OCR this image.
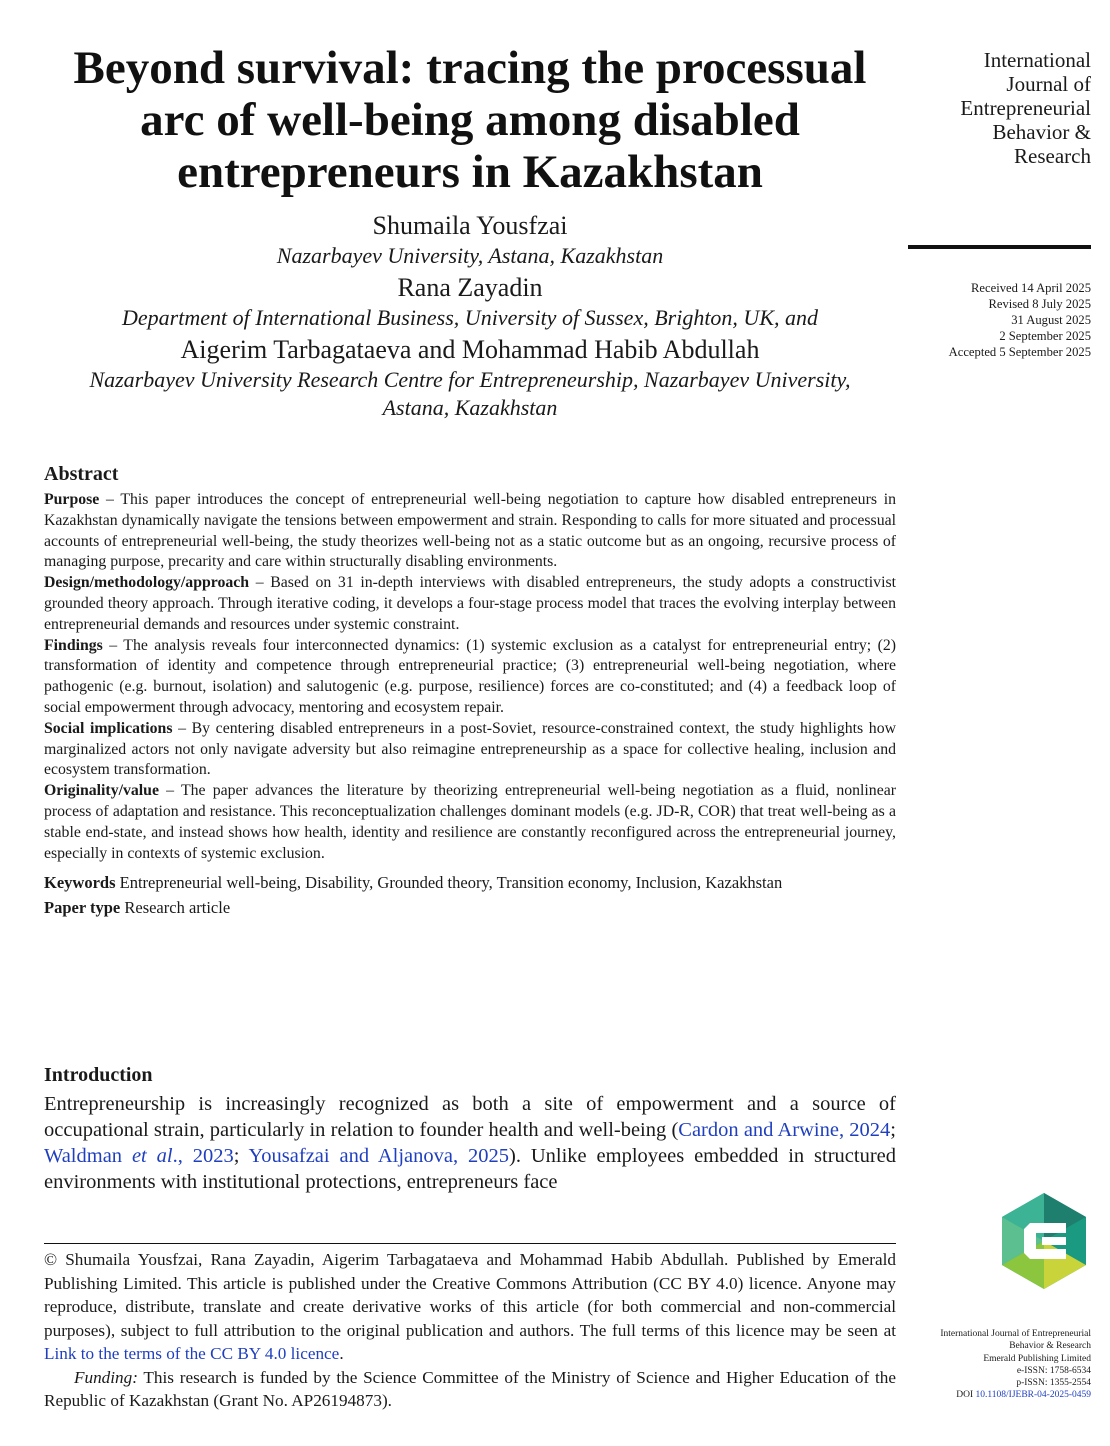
Beyond survival: tracing the processual arc of well-being among disabled entrepreneurs in Kazakhstan
Shumaila Yousfzai
Nazarbayev University, Astana, Kazakhstan
Rana Zayadin
Department of International Business, University of Sussex, Brighton, UK, and
Aigerim Tarbagataeva and Mohammad Habib Abdullah
Nazarbayev University Research Centre for Entrepreneurship, Nazarbayev University, Astana, Kazakhstan
International
Journal of
Entrepreneurial
Behavior &
Research
Received 14 April 2025
Revised 8 July 2025
31 August 2025
2 September 2025
Accepted 5 September 2025
Abstract

Purpose – This paper introduces the concept of entrepreneurial well-being negotiation to capture how disabled entrepreneurs in Kazakhstan dynamically navigate the tensions between empowerment and strain. Responding to calls for more situated and processual accounts of entrepreneurial well-being, the study theorizes well-being not as a static outcome but as an ongoing, recursive process of managing purpose, precarity and care within structurally disabling environments.

Design/methodology/approach – Based on 31 in-depth interviews with disabled entrepreneurs, the study adopts a constructivist grounded theory approach. Through iterative coding, it develops a four-stage process model that traces the evolving interplay between entrepreneurial demands and resources under systemic constraint.

Findings – The analysis reveals four interconnected dynamics: (1) systemic exclusion as a catalyst for entrepreneurial entry; (2) transformation of identity and competence through entrepreneurial practice; (3) entrepreneurial well-being negotiation, where pathogenic (e.g. burnout, isolation) and salutogenic (e.g. purpose, resilience) forces are co-constituted; and (4) a feedback loop of social empowerment through advocacy, mentoring and ecosystem repair.

Social implications – By centering disabled entrepreneurs in a post-Soviet, resource-constrained context, the study highlights how marginalized actors not only navigate adversity but also reimagine entrepreneurship as a space for collective healing, inclusion and ecosystem transformation.

Originality/value – The paper advances the literature by theorizing entrepreneurial well-being negotiation as a fluid, nonlinear process of adaptation and resistance. This reconceptualization challenges dominant models (e.g. JD-R, COR) that treat well-being as a stable end-state, and instead shows how health, identity and resilience are constantly reconfigured across the entrepreneurial journey, especially in contexts of systemic exclusion.

Keywords Entrepreneurial well-being, Disability, Grounded theory, Transition economy, Inclusion, Kazakhstan
Paper type Research article
Introduction

Entrepreneurship is increasingly recognized as both a site of empowerment and a source of occupational strain, particularly in relation to founder health and well-being (Cardon and Arwine, 2024; Waldman et al., 2023; Yousafzai and Aljanova, 2025). Unlike employees embedded in structured environments with institutional protections, entrepreneurs face

© Shumaila Yousfzai, Rana Zayadin, Aigerim Tarbagataeva and Mohammad Habib Abdullah. Published by Emerald Publishing Limited. This article is published under the Creative Commons Attribution (CC BY 4.0) licence. Anyone may reproduce, distribute, translate and create derivative works of this article (for both commercial and non-commercial purposes), subject to full attribution to the original publication and authors. The full terms of this licence may be seen at Link to the terms of the CC BY 4.0 licence.

Funding: This research is funded by the Science Committee of the Ministry of Science and Higher Education of the Republic of Kazakhstan (Grant No. AP26194873).

International Journal of Entrepreneurial
Behavior & Research
Emerald Publishing Limited
e-ISSN: 1758-6534
p-ISSN: 1355-2554
DOI 10.1108/IJEBR-04-2025-0459
